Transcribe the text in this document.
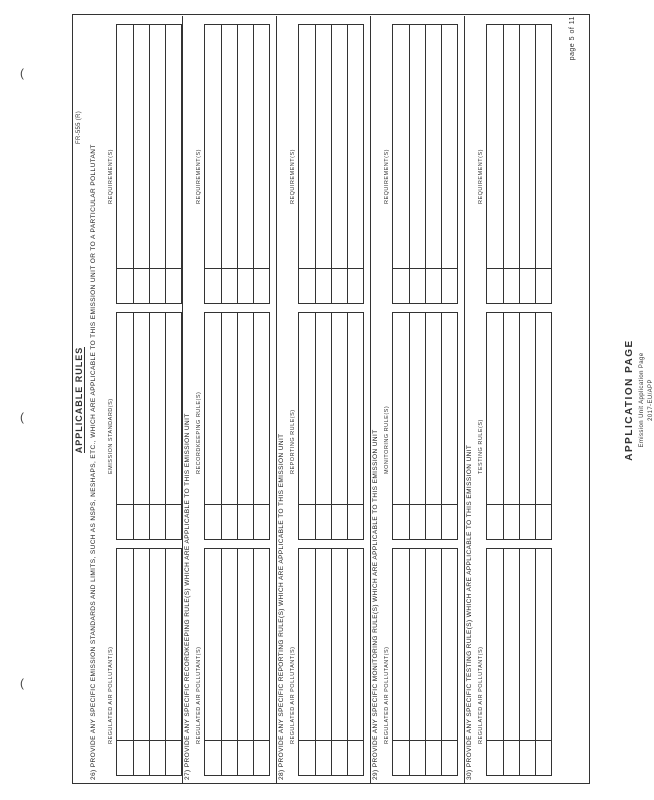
(
(
(
APPLICABLE RULES
FR-555 (R)
26) PROVIDE ANY SPECIFIC EMISSION STANDARDS AND LIMITS, SUCH AS NSPS, NESHAPS, ETC., WHICH ARE APPLICABLE TO THIS EMISSION UNIT OR TO A PARTICULAR POLLUTANT REGULATED AIR POLLUTANT(S)
EMISSION STANDARD(S)
REQUIREMENT(S)
27) PROVIDE ANY SPECIFIC RECORDKEEPING RULE(S) WHICH ARE APPLICABLE TO THIS EMISSION UNIT REGULATED AIR POLLUTANT(S)
RECORDKEEPING RULE(S)
REQUIREMENT(S)
28) PROVIDE ANY SPECIFIC REPORTING RULE(S) WHICH ARE APPLICABLE TO THIS EMISSION UNIT REGULATED AIR POLLUTANT(S)
REPORTING RULE(S)
REQUIREMENT(S)
29) PROVIDE ANY SPECIFIC MONITORING RULE(S) WHICH ARE APPLICABLE TO THIS EMISSION UNIT REGULATED AIR POLLUTANT(S)
MONITORING RULE(S)
REQUIREMENT(S)
30) PROVIDE ANY SPECIFIC TESTING RULE(S) WHICH ARE APPLICABLE TO THIS EMISSION UNIT REGULATED AIR POLLUTANT(S)
TESTING RULE(S)
REQUIREMENT(S)
page 5 of 11
APPLICATION PAGE Emission Unit Application Page 2017-EU/APP
